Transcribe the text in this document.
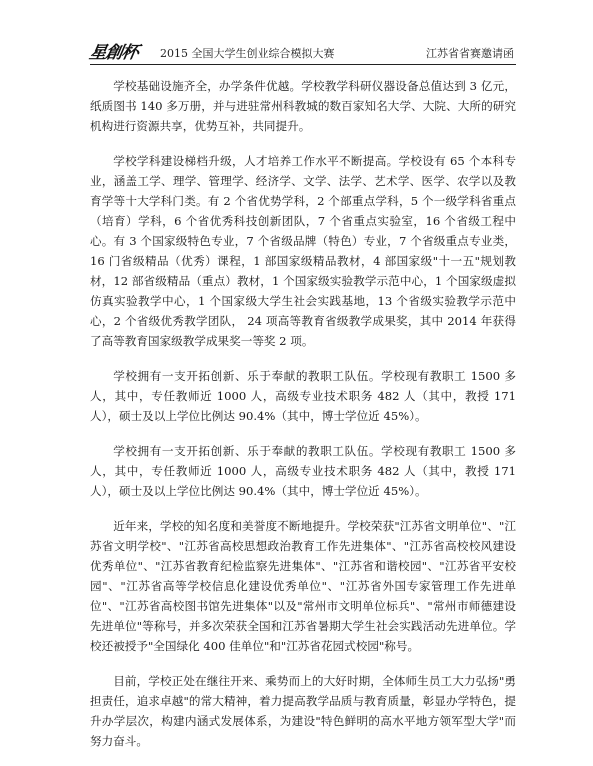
星創杯 2015 全国大学生创业综合模拟大赛	江苏省省赛邀请函

学校基础设施齐全，办学条件优越。学校教学科研仪器设备总值达到 3 亿元，纸质图书 140 多万册，并与进驻常州科教城的数百家知名大学、大院、大所的研究机构进行资源共享，优势互补，共同提升。

学校学科建设梯档升级，人才培养工作水平不断提高。学校设有 65 个本科专业，涵盖工学、理学、管理学、经济学、文学、法学、艺术学、医学、农学以及教育学等十大学科门类。有 2 个省优势学科，2 个部重点学科，5 个一级学科省重点（培育）学科，6 个省优秀科技创新团队，7 个省重点实验室，16 个省级工程中心。有 3 个国家级特色专业，7 个省级品牌（特色）专业，7 个省级重点专业类，16 门省级精品（优秀）课程，1 部国家级精品教材，4 部国家级"十一五"规划教材，12 部省级精品（重点）教材，1 个国家级实验教学示范中心，1 个国家级虚拟仿真实验教学中心，1 个国家级大学生社会实践基地，13 个省级实验教学示范中心，2 个省级优秀教学团队， 24 项高等教育省级教学成果奖，其中 2014 年获得了高等教育国家级教学成果奖一等奖 2 项。

学校拥有一支开拓创新、乐于奉献的教职工队伍。学校现有教职工 1500 多人，其中，专任教师近 1000 人，高级专业技术职务 482 人（其中，教授 171 人），硕士及以上学位比例达 90.4%（其中，博士学位近 45%）。

学校拥有一支开拓创新、乐于奉献的教职工队伍。学校现有教职工 1500 多人，其中，专任教师近 1000 人，高级专业技术职务 482 人（其中，教授 171 人），硕士及以上学位比例达 90.4%（其中，博士学位近 45%）。

近年来，学校的知名度和美誉度不断地提升。学校荣获"江苏省文明单位"、"江苏省文明学校"、"江苏省高校思想政治教育工作先进集体"、"江苏省高校校风建设优秀单位"、"江苏省教育纪检监察先进集体"、"江苏省和谐校园"、"江苏省平安校园"、"江苏省高等学校信息化建设优秀单位"、"江苏省外国专家管理工作先进单位"、"江苏省高校图书馆先进集体"以及"常州市文明单位标兵"、"常州市师德建设先进单位"等称号，并多次荣获全国和江苏省暑期大学生社会实践活动先进单位。学校还被授予"全国绿化 400 佳单位"和"江苏省花园式校园"称号。

目前，学校正处在继往开来、乘势而上的大好时期，全体师生员工大力弘扬"勇担责任，追求卓越"的常大精神，着力提高教学品质与教育质量，彰显办学特色，提升办学层次，构建内涵式发展体系，为建设"特色鲜明的高水平地方领军型大学"而努力奋斗。
